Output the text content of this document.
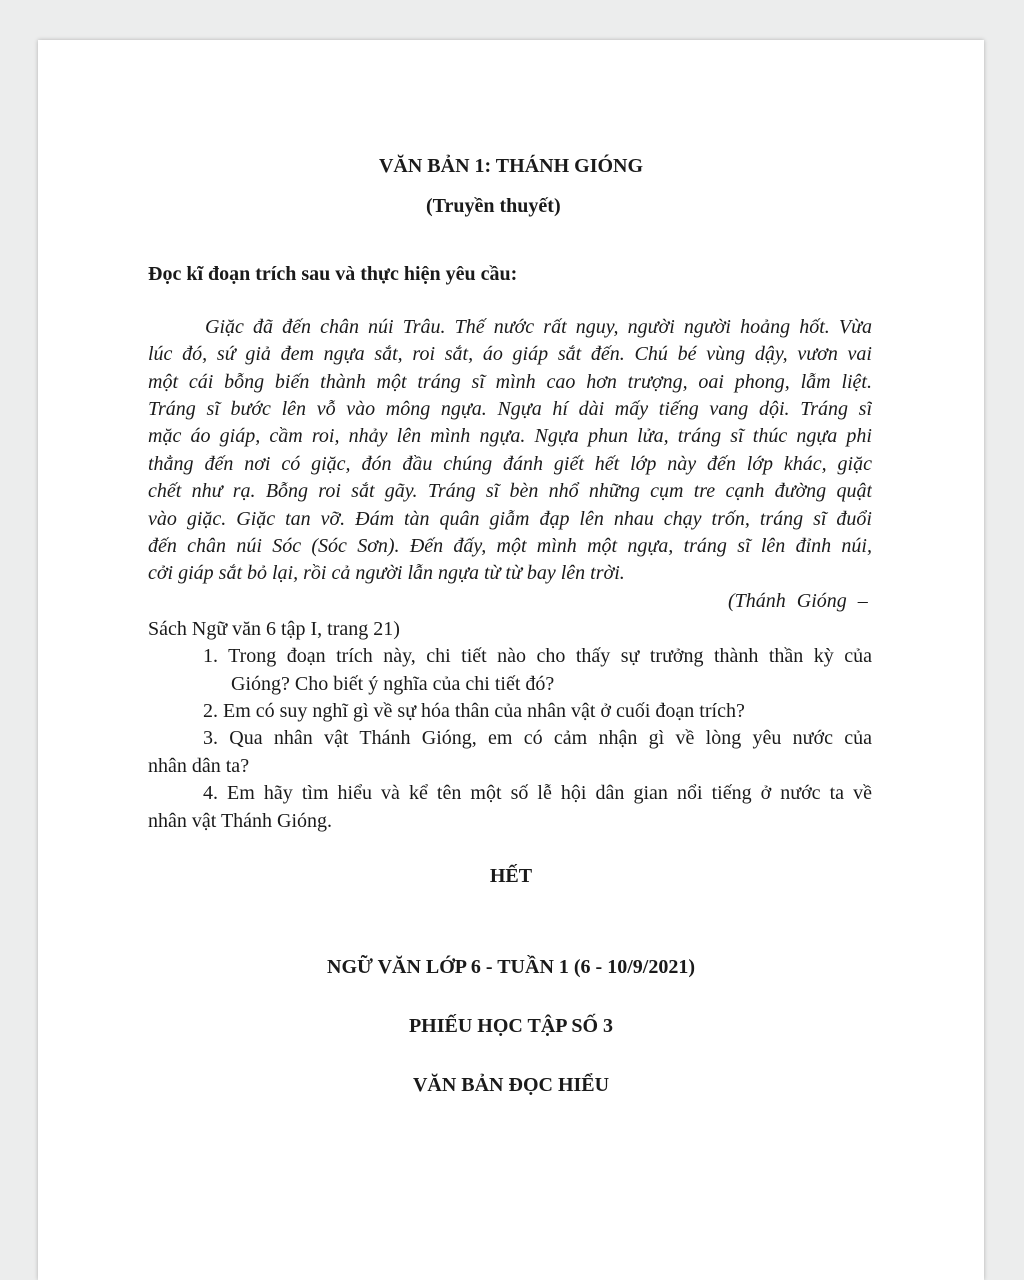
VĂN BẢN 1: THÁNH GIÓNG
(Truyền thuyết)
Đọc kĩ đoạn trích sau và thực hiện yêu cầu:
Giặc đã đến chân núi Trâu. Thế nước rất nguy, người người hoảng hốt. Vừa
lúc đó, sứ giả đem ngựa sắt, roi sắt, áo giáp sắt đến. Chú bé vùng dậy, vươn vai
một cái bỗng biến thành một tráng sĩ mình cao hơn trượng, oai phong, lẫm liệt.
Tráng sĩ bước lên vỗ vào mông ngựa. Ngựa hí dài mấy tiếng vang dội. Tráng sĩ
mặc áo giáp, cầm roi, nhảy lên mình ngựa. Ngựa phun lửa, tráng sĩ thúc ngựa phi
thẳng đến nơi có giặc, đón đầu chúng đánh giết hết lớp này đến lớp khác, giặc
chết như rạ. Bỗng roi sắt gãy. Tráng sĩ bèn nhổ những cụm tre cạnh đường quật
vào giặc. Giặc tan vỡ. Đám tàn quân giẫm đạp lên nhau chạy trốn, tráng sĩ đuổi
đến chân núi Sóc (Sóc Sơn). Đến đấy, một mình một ngựa, tráng sĩ lên đỉnh núi,
cởi giáp sắt bỏ lại, rồi cả người lẫn ngựa từ từ bay lên trời.
(Thánh Gióng –
Sách Ngữ văn 6 tập I, trang 21)
1. Trong đoạn trích này, chi tiết nào cho thấy sự trưởng thành thần kỳ của
Gióng? Cho biết ý nghĩa của chi tiết đó?
2. Em có suy nghĩ gì về sự hóa thân của nhân vật ở cuối đoạn trích?
3. Qua nhân vật Thánh Gióng, em có cảm nhận gì về lòng yêu nước của
nhân dân ta?
4. Em hãy tìm hiểu và kể tên một số lễ hội dân gian nổi tiếng ở nước ta về
nhân vật Thánh Gióng.
HẾT
NGỮ VĂN LỚP 6 - TUẦN 1 (6 - 10/9/2021)
PHIẾU HỌC TẬP SỐ 3
VĂN BẢN ĐỌC HIỂU
